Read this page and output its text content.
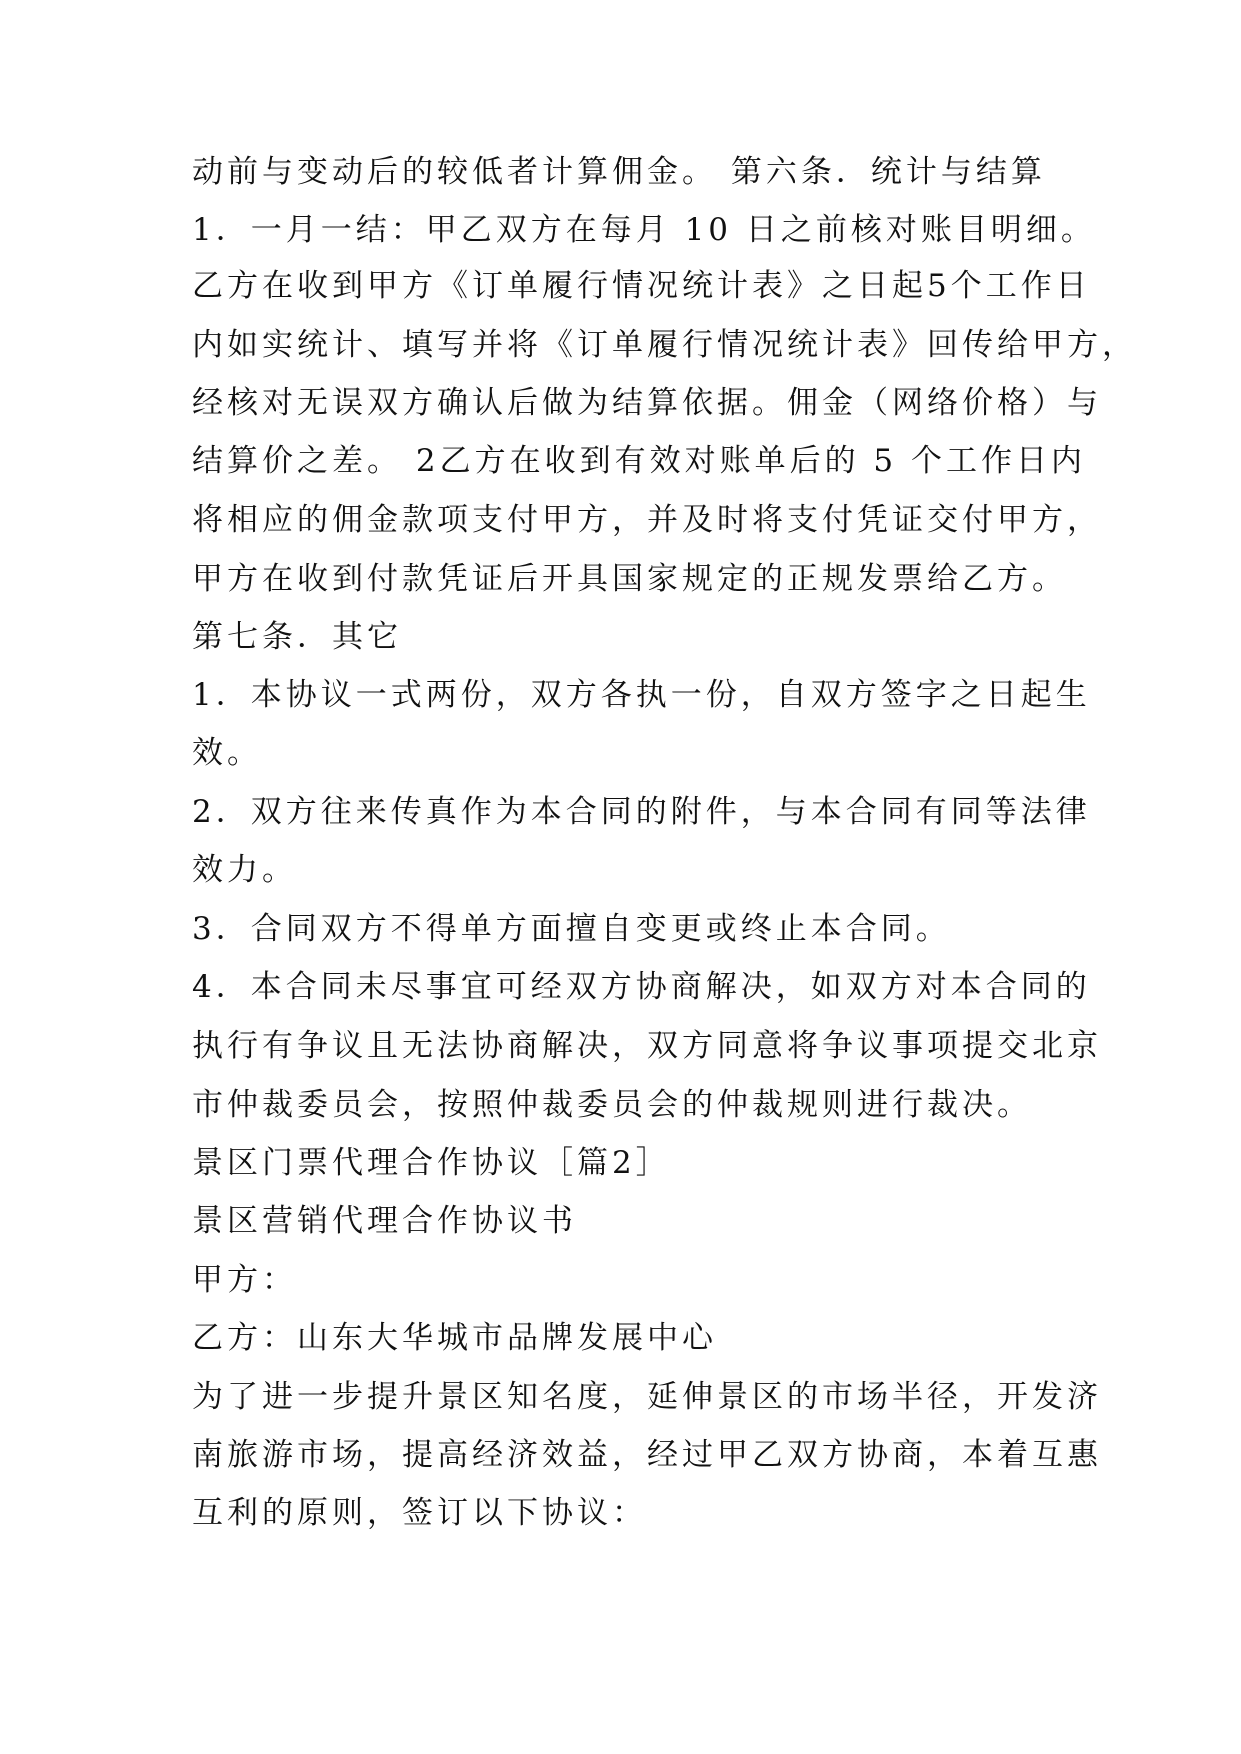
动前与变动后的较低者计算佣金。 第六条．统计与结算
1．一月一结：甲乙双方在每月 10 日之前核对账目明细。
乙方在收到甲方《订单履行情况统计表》之日起5个工作日
内如实统计、填写并将《订单履行情况统计表》回传给甲方，
经核对无误双方确认后做为结算依据。佣金（网络价格）与
结算价之差。 2乙方在收到有效对账单后的 5 个工作日内
将相应的佣金款项支付甲方，并及时将支付凭证交付甲方，
甲方在收到付款凭证后开具国家规定的正规发票给乙方。
第七条．其它
1．本协议一式两份，双方各执一份，自双方签字之日起生
效。
2．双方往来传真作为本合同的附件，与本合同有同等法律
效力。
3．合同双方不得单方面擅自变更或终止本合同。
4．本合同未尽事宜可经双方协商解决，如双方对本合同的
执行有争议且无法协商解决，双方同意将争议事项提交北京
市仲裁委员会，按照仲裁委员会的仲裁规则进行裁决。
景区门票代理合作协议［篇2］
景区营销代理合作协议书
甲方：
乙方：山东大华城市品牌发展中心
为了进一步提升景区知名度，延伸景区的市场半径，开发济
南旅游市场，提高经济效益，经过甲乙双方协商，本着互惠
互利的原则，签订以下协议：
